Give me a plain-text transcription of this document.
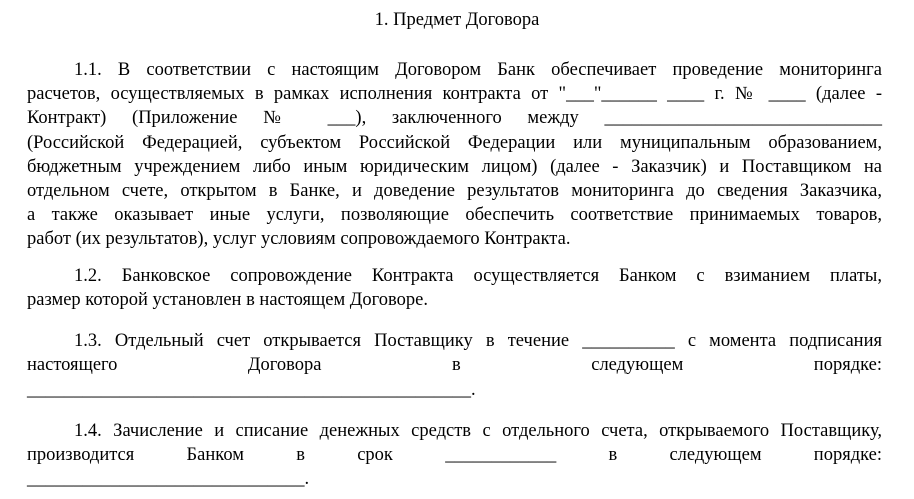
1. Предмет Договора
1.1. В соответствии с настоящим Договором Банк обеспечивает проведение мониторинга
расчетов, осуществляемых в рамках исполнения контракта от "___"______ ____ г. № ____ (далее -
Контракт) (Приложение № ___), заключенного между ______________________________
(Российской Федерацией, субъектом Российской Федерации или муниципальным образованием,
бюджетным учреждением либо иным юридическим лицом) (далее - Заказчик) и Поставщиком на
отдельном счете, открытом в Банке, и доведение результатов мониторинга до сведения Заказчика,
а также оказывает иные услуги, позволяющие обеспечить соответствие принимаемых товаров,
работ (их результатов), услуг условиям сопровождаемого Контракта.
1.2. Банковское сопровождение Контракта осуществляется Банком с взиманием платы,
размер которой установлен в настоящем Договоре.
1.3. Отдельный счет открывается Поставщику в течение __________ с момента подписания
настоящего Договора в следующем порядке:
________________________________________________.
1.4. Зачисление и списание денежных средств с отдельного счета, открываемого Поставщику,
производится Банком в срок ____________ в следующем порядке:
______________________________.
